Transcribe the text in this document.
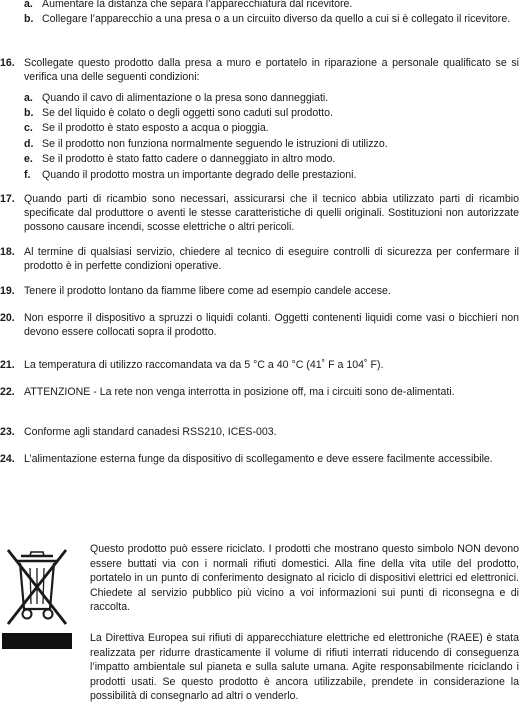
a. Aumentare la distanza che separa l’apparecchiatura dal ricevitore.
b. Collegare l’apparecchio a una presa o a un circuito diverso da quello a cui si è collegato il ricevitore.
16. Scollegate questo prodotto dalla presa a muro e portatelo in riparazione a personale qualificato se si verifica una delle seguenti condizioni:
a. Quando il cavo di alimentazione o la presa sono danneggiati.
b. Se del liquido è colato o degli oggetti sono caduti sul prodotto.
c. Se il prodotto è stato esposto a acqua o pioggia.
d. Se il prodotto non funziona normalmente seguendo le istruzioni di utilizzo.
e. Se il prodotto è stato fatto cadere o danneggiato in altro modo.
f.	Quando il prodotto mostra un importante degrado delle prestazioni.
17. Quando parti di ricambio sono necessari, assicurarsi che il tecnico abbia utilizzato parti di ricambio specificate dal produttore o aventi le stesse caratteristiche di quelli originali. Sostituzioni non autorizzate possono causare incendi, scosse elettriche o altri pericoli.
18. Al termine di qualsiasi servizio, chiedere al tecnico di eseguire controlli di sicurezza per confermare il prodotto è in perfette condizioni operative.
19. Tenere il prodotto lontano da fiamme libere come ad esempio candele accese.
20. Non esporre il dispositivo a spruzzi o liquidi colanti. Oggetti contenenti liquidi come vasi o bicchieri non devono essere collocati sopra il prodotto.
21. La temperatura di utilizzo raccomandata va da 5 °C a 40 °C (41˚ F a 104˚ F).
22. ATTENZIONE - La rete non venga interrotta in posizione off, ma i circuiti sono de-alimentati.
23. Conforme agli standard canadesi RSS210, ICES-003.
24. L’alimentazione esterna funge da dispositivo di scollegamento e deve essere facilmente accessibile.
Questo prodotto può essere riciclato. I prodotti che mostrano questo simbolo NON devono essere buttati via con i normali rifiuti domestici. Alla fine della vita utile del prodotto, portatelo in un punto di conferimento designato al riciclo di dispositivi elettrici ed elettronici. Chiedete al servizio pubblico più vicino a voi informazioni sui punti di riconsegna e di raccolta.
La Direttiva Europea sui rifiuti di apparecchiature elettriche ed elettroniche (RAEE) è stata realizzata per ridurre drasticamente il volume di rifiuti interrati riducendo di conseguenza l’impatto ambientale sul pianeta e sulla salute umana. Agite responsabilmente riciclando i prodotti usati. Se questo prodotto è ancora utilizzabile, prendete in considerazione la possibilità di consegnarlo ad altri o venderlo.
